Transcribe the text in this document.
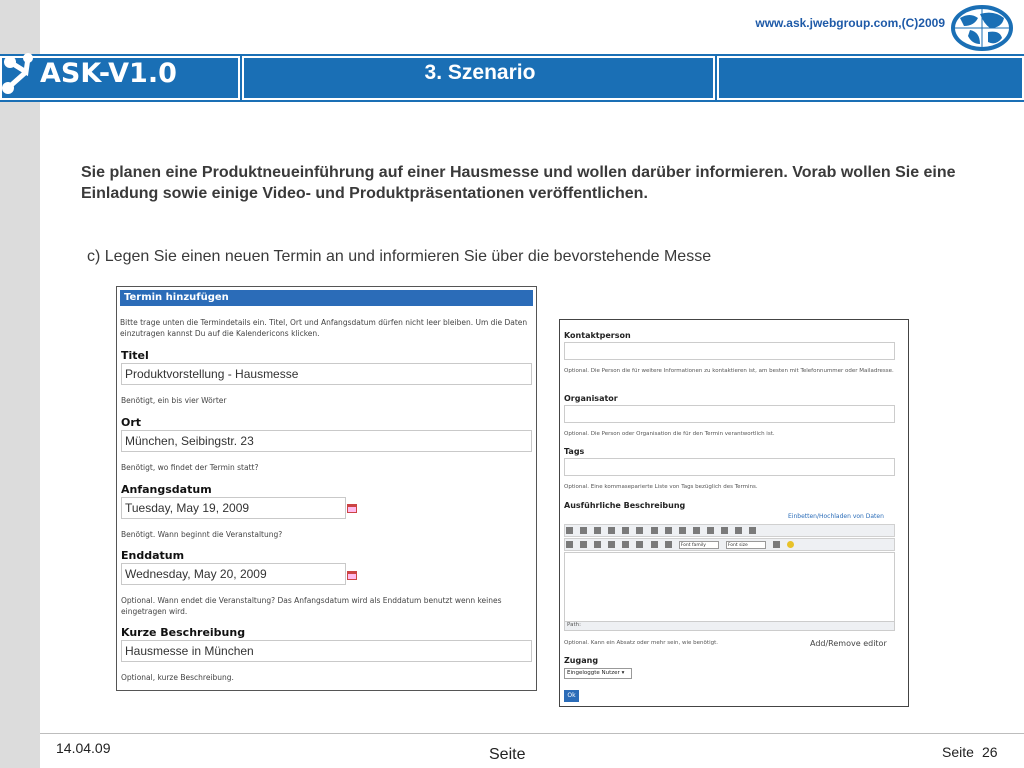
www.ask.jwebgroup.com,(C)2009
ASK-V1.0	3. Szenario
Sie planen eine Produktneueinführung auf einer Hausmesse und wollen darüber informieren. Vorab wollen Sie eine Einladung sowie einige Video- und Produktpräsentationen veröffentlichen.
c) Legen Sie einen neuen Termin an und informieren Sie über die bevorstehende Messe
Termin hinzufügen
Bitte trage unten die Termindetails ein. Titel, Ort und Anfangsdatum dürfen nicht leer bleiben. Um die Daten einzutragen kannst Du auf die Kalendericons klicken.
Titel
Produktvorstellung - Hausmesse
Benötigt, ein bis vier Wörter
Ort
München, Seibingstr. 23
Benötigt, wo findet der Termin statt?
Anfangsdatum
Tuesday, May 19, 2009
Benötigt. Wann beginnt die Veranstaltung?
Enddatum
Wednesday, May 20, 2009
Optional. Wann endet die Veranstaltung? Das Anfangsdatum wird als Enddatum benutzt wenn keines eingetragen wird.
Kurze Beschreibung
Hausmesse in München
Optional, kurze Beschreibung.
Kontaktperson
Optional. Die Person die für weitere Informationen zu kontaktieren ist, am besten mit Telefonnummer oder Mailadresse.
Organisator
Optional. Die Person oder Organisation die für den Termin verantwortlich ist.
Tags
Optional. Eine kommaseparierte Liste von Tags bezüglich des Termins.
Ausführliche Beschreibung
Einbetten/Hochladen von Daten

Font family	Font size
Path:
Optional. Kann ein Absatz oder mehr sein, wie benötigt.	Add/Remove editor
Zugang
Eingeloggte Nutzer ▾
Ok
14.04.09	Seite	Seite 26
